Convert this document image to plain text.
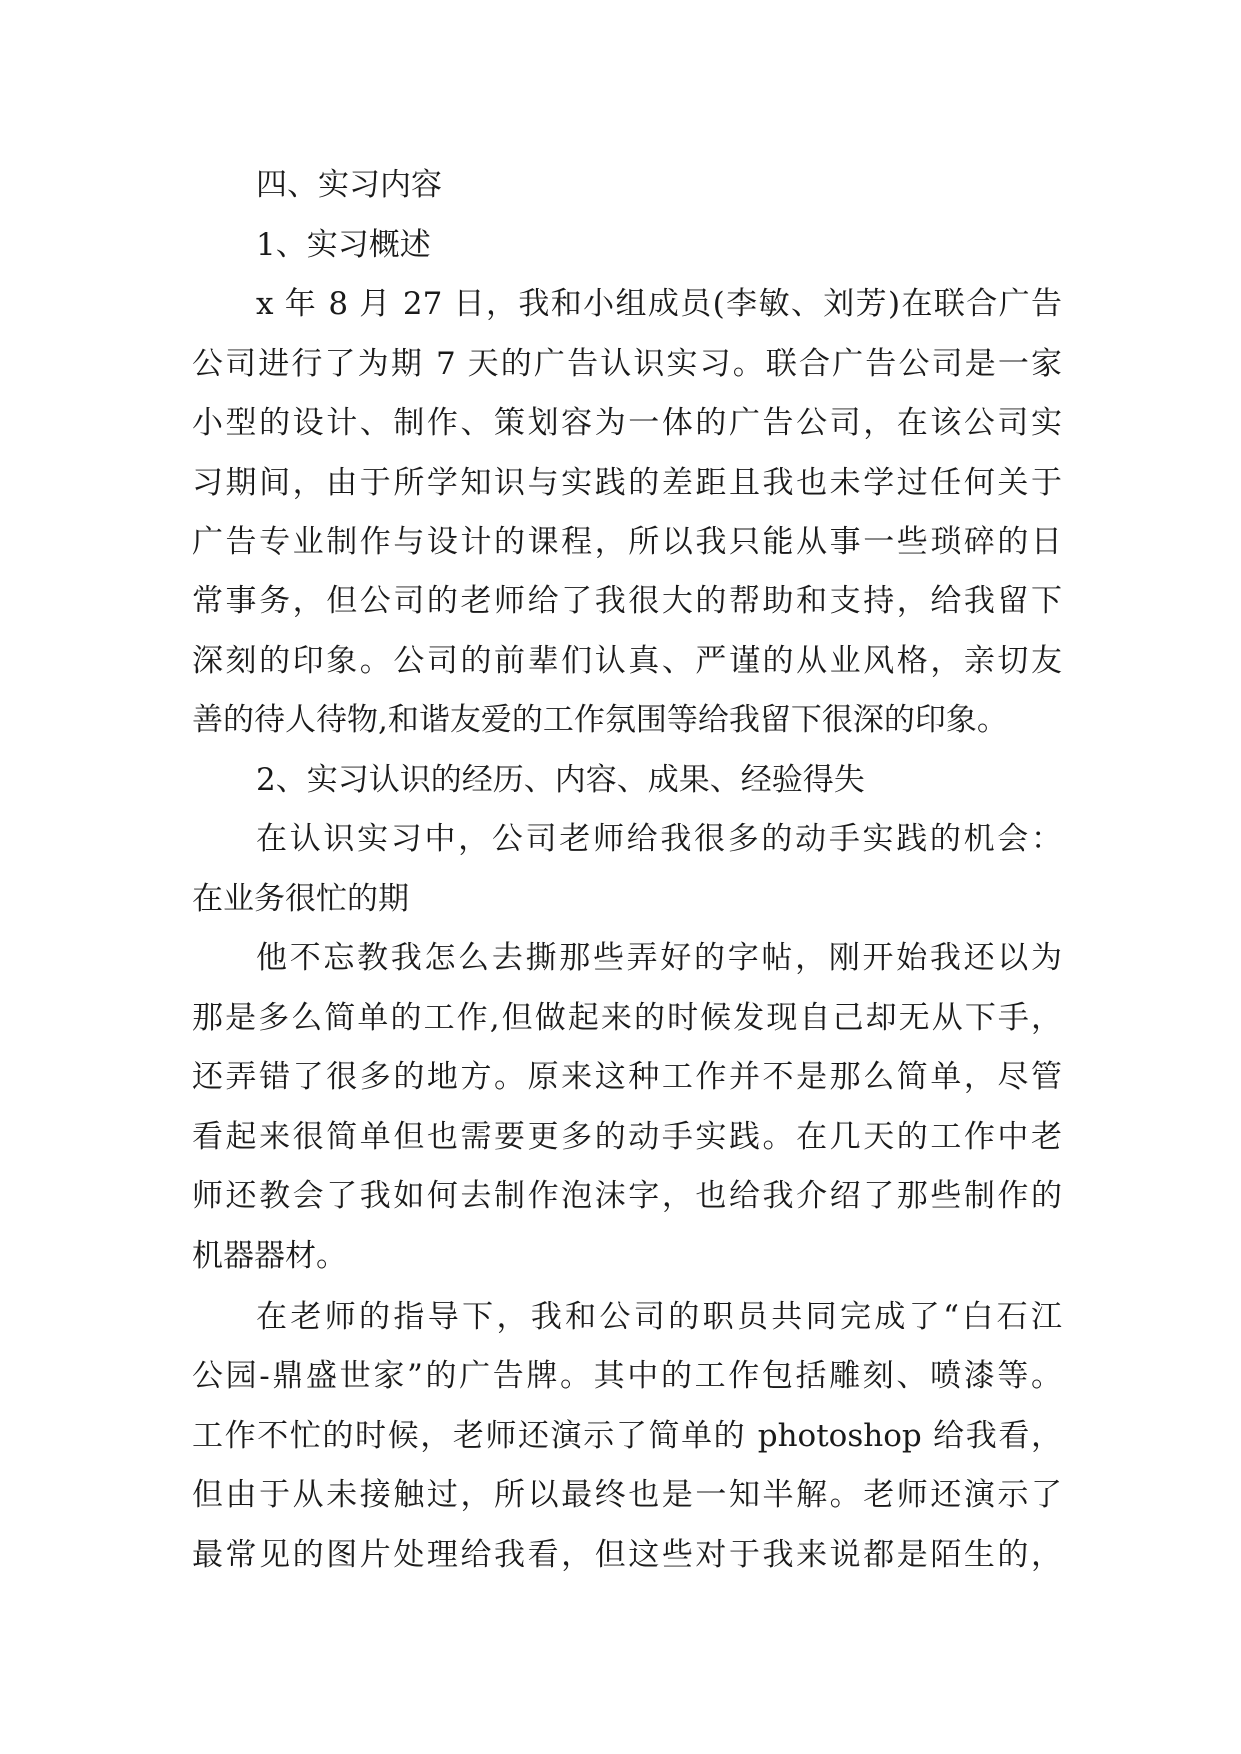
四、实习内容

1、实习概述

x 年 8 月 27 日，我和小组成员(李敏、刘芳)在联合广告

公司进行了为期 7 天的广告认识实习。联合广告公司是一家

小型的设计、制作、策划容为一体的广告公司，在该公司实

习期间，由于所学知识与实践的差距且我也未学过任何关于

广告专业制作与设计的课程，所以我只能从事一些琐碎的日

常事务，但公司的老师给了我很大的帮助和支持，给我留下

深刻的印象。公司的前辈们认真、严谨的从业风格，亲切友

善的待人待物,和谐友爱的工作氛围等给我留下很深的印象。

2、实习认识的经历、内容、成果、经验得失

在认识实习中，公司老师给我很多的动手实践的机会：

在业务很忙的期

他不忘教我怎么去撕那些弄好的字帖，刚开始我还以为

那是多么简单的工作,但做起来的时候发现自己却无从下手，

还弄错了很多的地方。原来这种工作并不是那么简单，尽管

看起来很简单但也需要更多的动手实践。在几天的工作中老

师还教会了我如何去制作泡沫字，也给我介绍了那些制作的

机器器材。

在老师的指导下，我和公司的职员共同完成了“白石江

公园-鼎盛世家”的广告牌。其中的工作包括雕刻、喷漆等。

工作不忙的时候，老师还演示了简单的 photoshop 给我看，

但由于从未接触过，所以最终也是一知半解。老师还演示了

最常见的图片处理给我看，但这些对于我来说都是陌生的，
